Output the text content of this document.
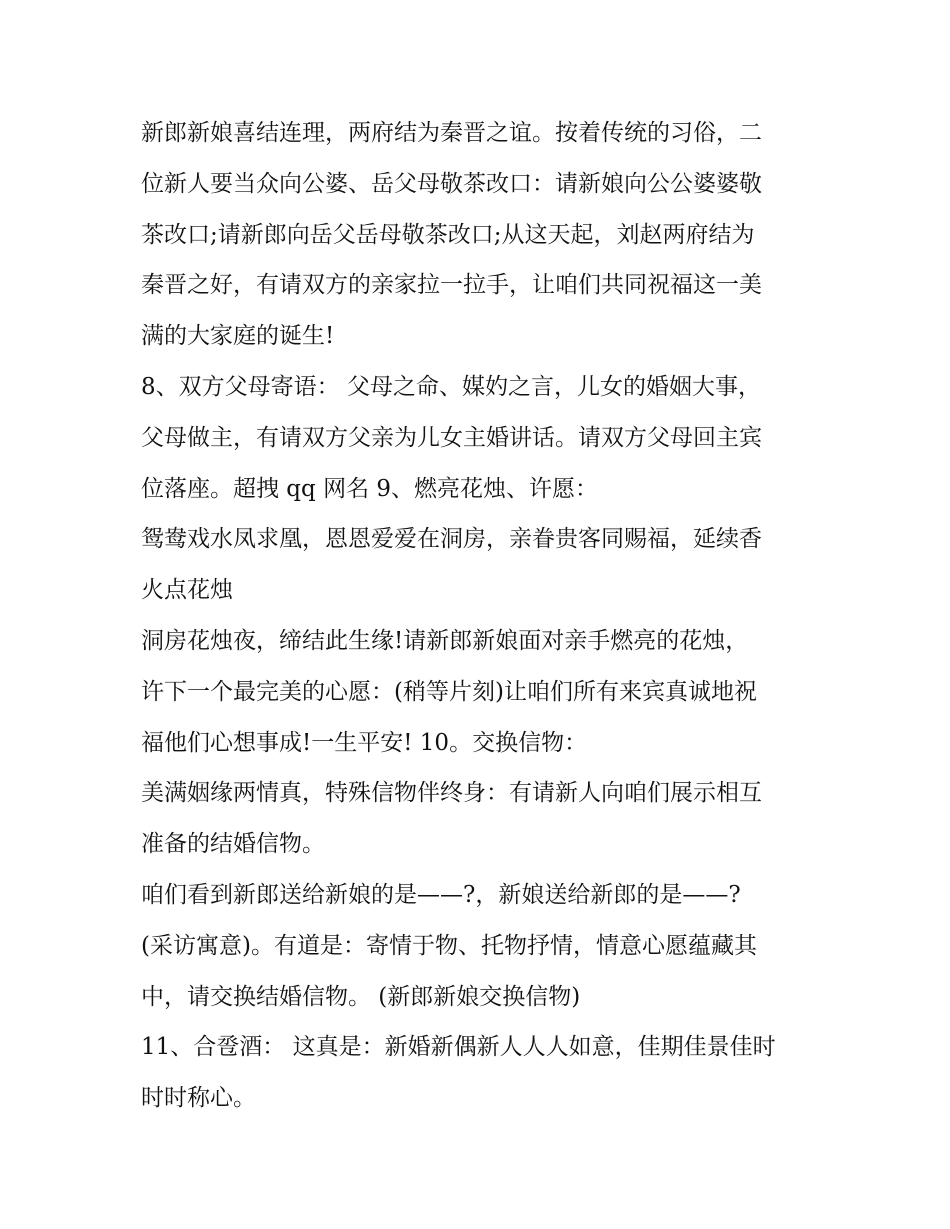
新郎新娘喜结连理，两府结为秦晋之谊。按着传统的习俗，二
位新人要当众向公婆、岳父母敬茶改口：请新娘向公公婆婆敬
茶改口;请新郎向岳父岳母敬茶改口;从这天起，刘赵两府结为
秦晋之好，有请双方的亲家拉一拉手，让咱们共同祝福这一美
满的大家庭的诞生!
8、双方父母寄语： 父母之命、媒妁之言，儿女的婚姻大事，
父母做主，有请双方父亲为儿女主婚讲话。请双方父母回主宾
位落座。超拽 qq 网名 9、燃亮花烛、许愿：
鸳鸯戏水凤求凰，恩恩爱爱在洞房，亲眷贵客同赐福，延续香
火点花烛
洞房花烛夜，缔结此生缘!请新郎新娘面对亲手燃亮的花烛，
许下一个最完美的心愿：(稍等片刻)让咱们所有来宾真诚地祝
福他们心想事成!一生平安! 10。交换信物：
美满姻缘两情真，特殊信物伴终身：有请新人向咱们展示相互
准备的结婚信物。
咱们看到新郎送给新娘的是——?，新娘送给新郎的是——?
(采访寓意)。有道是：寄情于物、托物抒情，情意心愿蕴藏其
中，请交换结婚信物。 (新郎新娘交换信物)
11、合卺酒： 这真是：新婚新偶新人人人如意，佳期佳景佳时
时时称心。
